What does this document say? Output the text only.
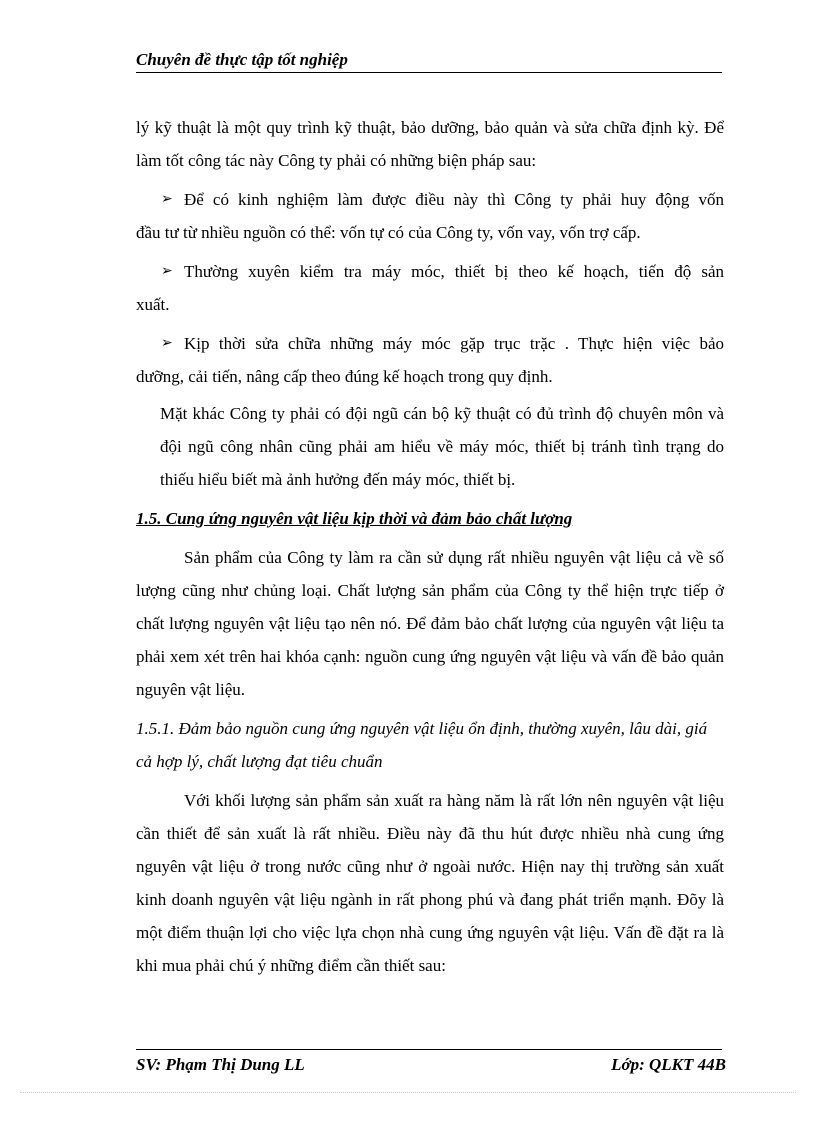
Chuyên đề thực tập tốt nghiệp

lý kỹ thuật là một quy trình kỹ thuật, bảo dưỡng, bảo quản và sửa chữa định kỳ. Để làm tốt công tác này Công ty phải có những biện pháp sau:

➢ Để có kinh nghiệm làm được điều này thì Công ty phải huy động vốn

đầu tư từ nhiều nguồn có thể: vốn tự có của Công ty, vốn vay, vốn trợ cấp.

➢ Thường xuyên kiểm tra máy móc, thiết bị theo kế hoạch, tiến độ sản

xuất.

➢ Kịp thời sửa chữa những máy móc gặp trục trặc . Thực hiện việc bảo

dưỡng, cải tiến, nâng cấp theo đúng kế hoạch trong quy định.

Mặt khác Công ty phải có đội ngũ cán bộ kỹ thuật có đủ trình độ chuyên môn và đội ngũ công nhân cũng phải am hiểu về máy móc, thiết bị tránh tình trạng do thiếu hiểu biết mà ảnh hưởng đến máy móc, thiết bị.
1.5. Cung ứng nguyên vật liệu kịp thời và đảm bảo chất lượng

Sản phẩm của Công ty làm ra cần sử dụng rất nhiều nguyên vật liệu cả về số lượng cũng như chủng loại. Chất lượng sản phẩm của Công ty thể hiện trực tiếp ở chất lượng nguyên vật liệu tạo nên nó. Để đảm bảo chất lượng của nguyên vật liệu ta phải xem xét trên hai khóa cạnh: nguồn cung ứng nguyên vật liệu và vấn đề bảo quản nguyên vật liệu.

1.5.1. Đảm bảo nguồn cung ứng nguyên vật liệu ổn định, thường xuyên, lâu dài, giá cả hợp lý, chất lượng đạt tiêu chuẩn

Với khối lượng sản phẩm sản xuất ra hàng năm là rất lớn nên nguyên vật liệu cần thiết để sản xuất là rất nhiều. Điều này đã thu hút được nhiều nhà cung ứng nguyên vật liệu ở trong nước cũng như ở ngoài nước. Hiện nay thị trường sản xuất kinh doanh nguyên vật liệu ngành in rất phong phú và đang phát triển mạnh. Đõy là một điểm thuận lợi cho việc lựa chọn nhà cung ứng nguyên vật liệu. Vấn đề đặt ra là khi mua phải chú ý những điểm cần thiết sau:

SV: Phạm Thị Dung LL	Lớp: QLKT 44B
